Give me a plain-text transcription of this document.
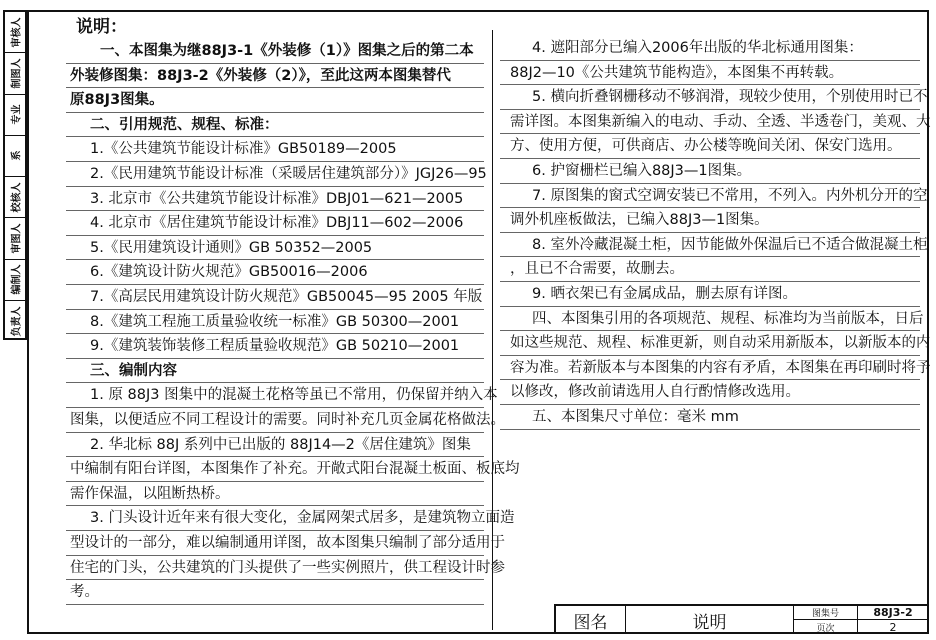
审核人
制图人
专业
系
校核人
审图人
编制人
负责人
说明：
一、本图集为继88J3-1《外装修（1）》图集之后的第二本
外装修图集：88J3-2《外装修（2）》，至此这两本图集替代
原88J3图集。
二、引用规范、规程、标准：
1.《公共建筑节能设计标准》GB50189—2005
2.《民用建筑节能设计标准（采暖居住建筑部分）》JGJ26—95
3. 北京市《公共建筑节能设计标准》DBJ01—621—2005
4. 北京市《居住建筑节能设计标准》DBJ11—602—2006
5.《民用建筑设计通则》GB 50352—2005
6.《建筑设计防火规范》GB50016—2006
7.《高层民用建筑设计防火规范》GB50045—95 2005 年版
8.《建筑工程施工质量验收统一标准》GB 50300—2001
9.《建筑装饰装修工程质量验收规范》GB 50210—2001
三、编制内容
1. 原 88J3 图集中的混凝土花格等虽已不常用，仍保留并纳入本
图集，以便适应不同工程设计的需要。同时补充几页金属花格做法。
2. 华北标 88J 系列中已出版的 88J14—2《居住建筑》图集
中编制有阳台详图，本图集作了补充。开敞式阳台混凝土板面、板底均
需作保温，以阻断热桥。
3. 门头设计近年来有很大变化，金属网架式居多，是建筑物立面造
型设计的一部分，难以编制通用详图，故本图集只编制了部分适用于
住宅的门头，公共建筑的门头提供了一些实例照片，供工程设计时参
考。
4. 遮阳部分已编入2006年出版的华北标通用图集：
88J2—10《公共建筑节能构造》，本图集不再转载。
5. 横向折叠钢栅移动不够润滑，现较少使用，个别使用时已不
需详图。本图集新编入的电动、手动、全透、半透卷门，美观、大
方、使用方便，可供商店、办公楼等晚间关闭、保安门选用。
6. 护窗栅栏已编入88J3—1图集。
7. 原图集的窗式空调安装已不常用，不列入。内外机分开的空
调外机座板做法，已编入88J3—1图集。
8. 室外冷藏混凝土柜，因节能做外保温后已不适合做混凝土柜
，且已不合需要，故删去。
9. 晒衣架已有金属成品，删去原有详图。
四、本图集引用的各项规范、规程、标准均为当前版本，日后
如这些规范、规程、标准更新，则自动采用新版本，以新版本的内
容为准。若新版本与本图集的内容有矛盾，本图集在再印刷时将予
以修改，修改前请选用人自行酌情修改选用。
五、本图集尺寸单位：毫米 mm
图名	说明	图集号	88J3-2
页次	2
